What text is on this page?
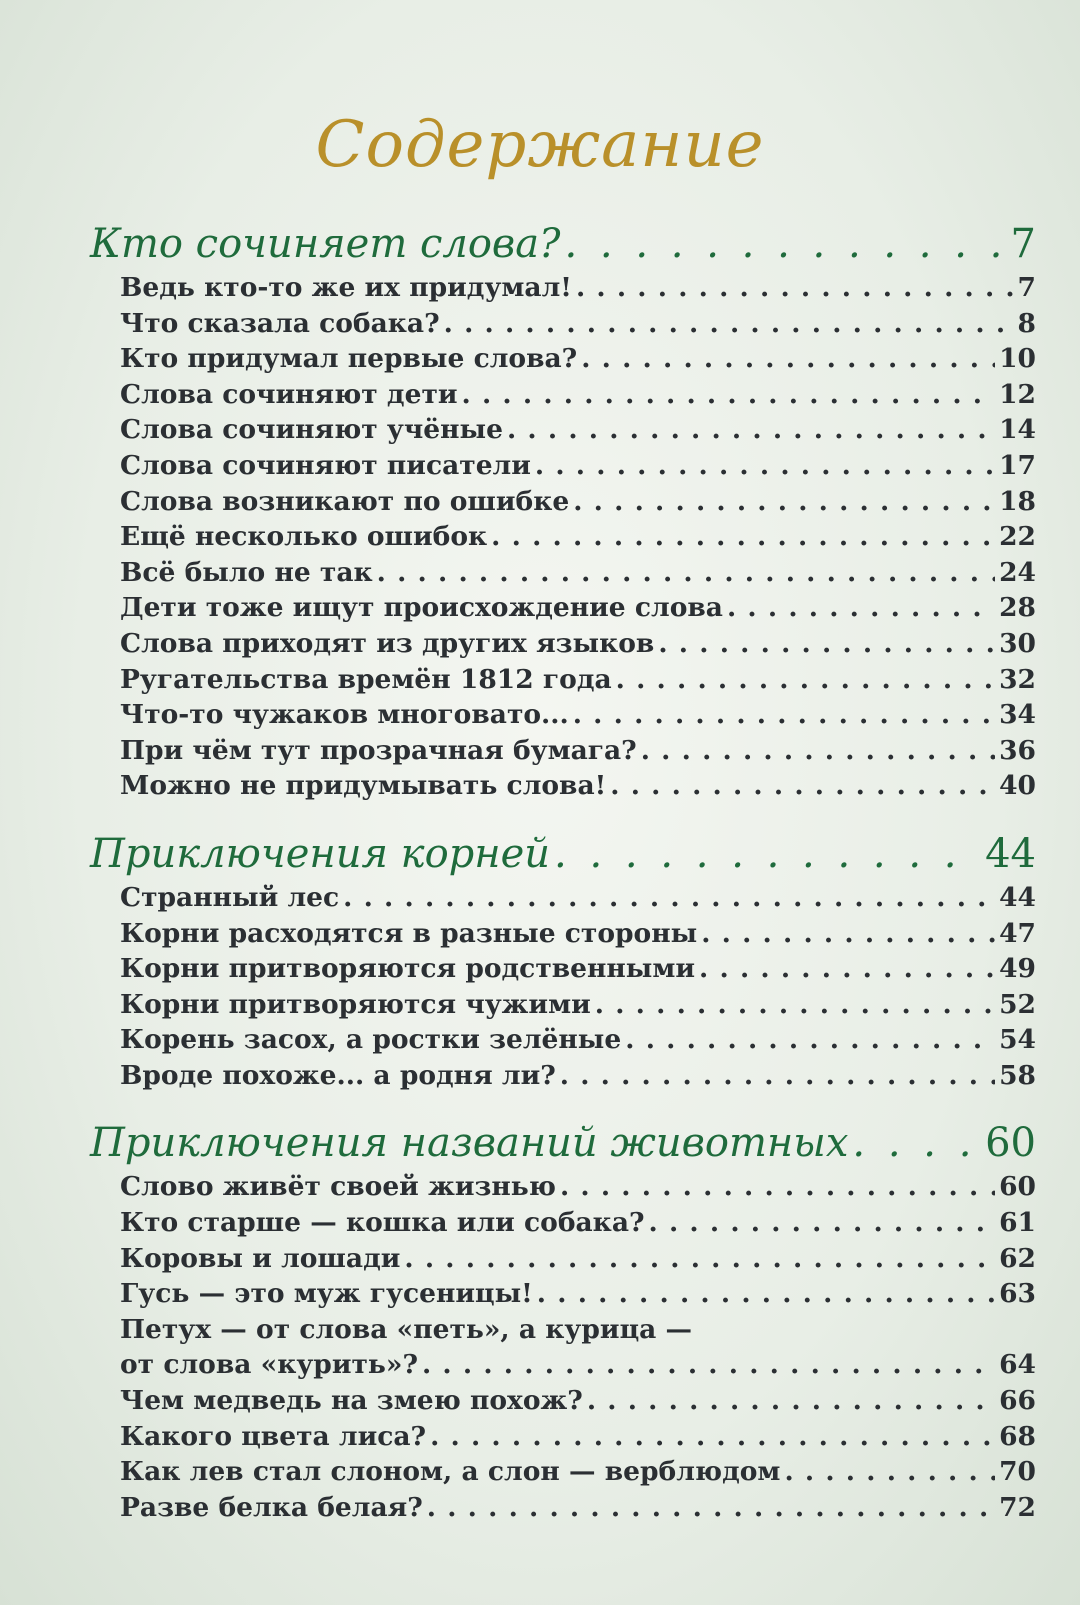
Содержание
Кто сочиняет слова? . . .	7
Ведь кто-то же их придумал! . . .	7
Что сказала собака? . . .	8
Кто придумал первые слова? . . .	10
Слова сочиняют дети . . .	12
Слова сочиняют учёные . . .	14
Слова сочиняют писатели . . .	17
Слова возникают по ошибке . . .	18
Ещё несколько ошибок . . .	22
Всё было не так . . .	24
Дети тоже ищут происхождение слова . . .	28
Слова приходят из других языков . . .	30
Ругательства времён 1812 года . . .	32
Что-то чужаков многовато... . . .	34
При чём тут прозрачная бумага? . . .	36
Можно не придумывать слова! . . .	40
Приключения корней . . .	44
Странный лес . . .	44
Корни расходятся в разные стороны . . .	47
Корни притворяются родственными . . .	49
Корни притворяются чужими . . .	52
Корень засох, а ростки зелёные . . .	54
Вроде похоже... а родня ли? . . .	58
Приключения названий животных . . .	60
Слово живёт своей жизнью . . .	60
Кто старше — кошка или собака? . . .	61
Коровы и лошади . . .	62
Гусь — это муж гусеницы! . . .	63
Петух — от слова «петь», а курица —
от слова «курить»? . . .	64
Чем медведь на змею похож? . . .	66
Какого цвета лиса? . . .	68
Как лев стал слоном, а слон — верблюдом . . .	70
Разве белка белая? . . .	72
